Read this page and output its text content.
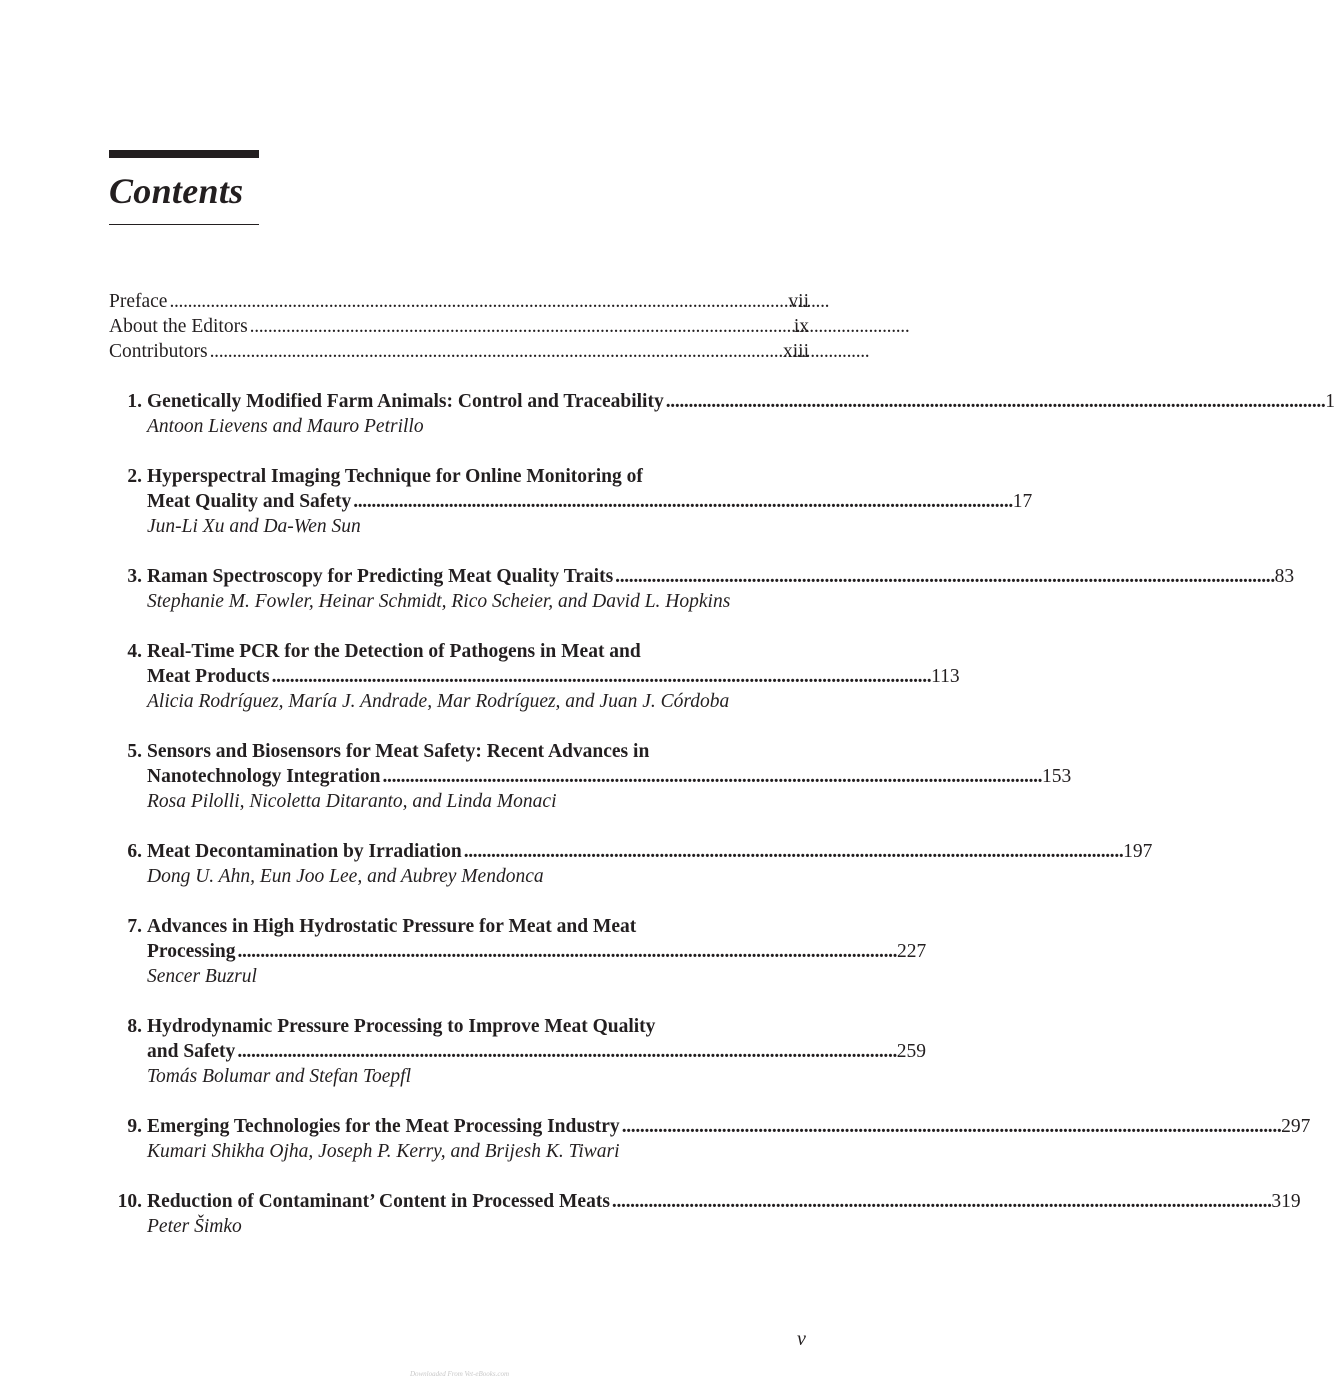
Contents
Preface . . .	vii
About the Editors . . .	ix
Contributors . . .	xiii
1. Genetically Modified Farm Animals: Control and Traceability . . .	1
Antoon Lievens and Mauro Petrillo
2. Hyperspectral Imaging Technique for Online Monitoring of
Meat Quality and Safety . . .	17
Jun-Li Xu and Da-Wen Sun
3. Raman Spectroscopy for Predicting Meat Quality Traits . . .	83
Stephanie M. Fowler, Heinar Schmidt, Rico Scheier, and David L. Hopkins
4. Real-Time PCR for the Detection of Pathogens in Meat and
Meat Products . . .	113
Alicia Rodríguez, María J. Andrade, Mar Rodríguez, and Juan J. Córdoba
5. Sensors and Biosensors for Meat Safety: Recent Advances in
Nanotechnology Integration . . .	153
Rosa Pilolli, Nicoletta Ditaranto, and Linda Monaci
6. Meat Decontamination by Irradiation . . .	197
Dong U. Ahn, Eun Joo Lee, and Aubrey Mendonca
7. Advances in High Hydrostatic Pressure for Meat and Meat
Processing . . .	227
Sencer Buzrul
8. Hydrodynamic Pressure Processing to Improve Meat Quality
and Safety . . .	259
Tomás Bolumar and Stefan Toepfl
9. Emerging Technologies for the Meat Processing Industry . . .	297
Kumari Shikha Ojha, Joseph P. Kerry, and Brijesh K. Tiwari
10. Reduction of Contaminant’ Content in Processed Meats . . .	319
Peter Šimko
v
Downloaded From Vet-eBooks.com
